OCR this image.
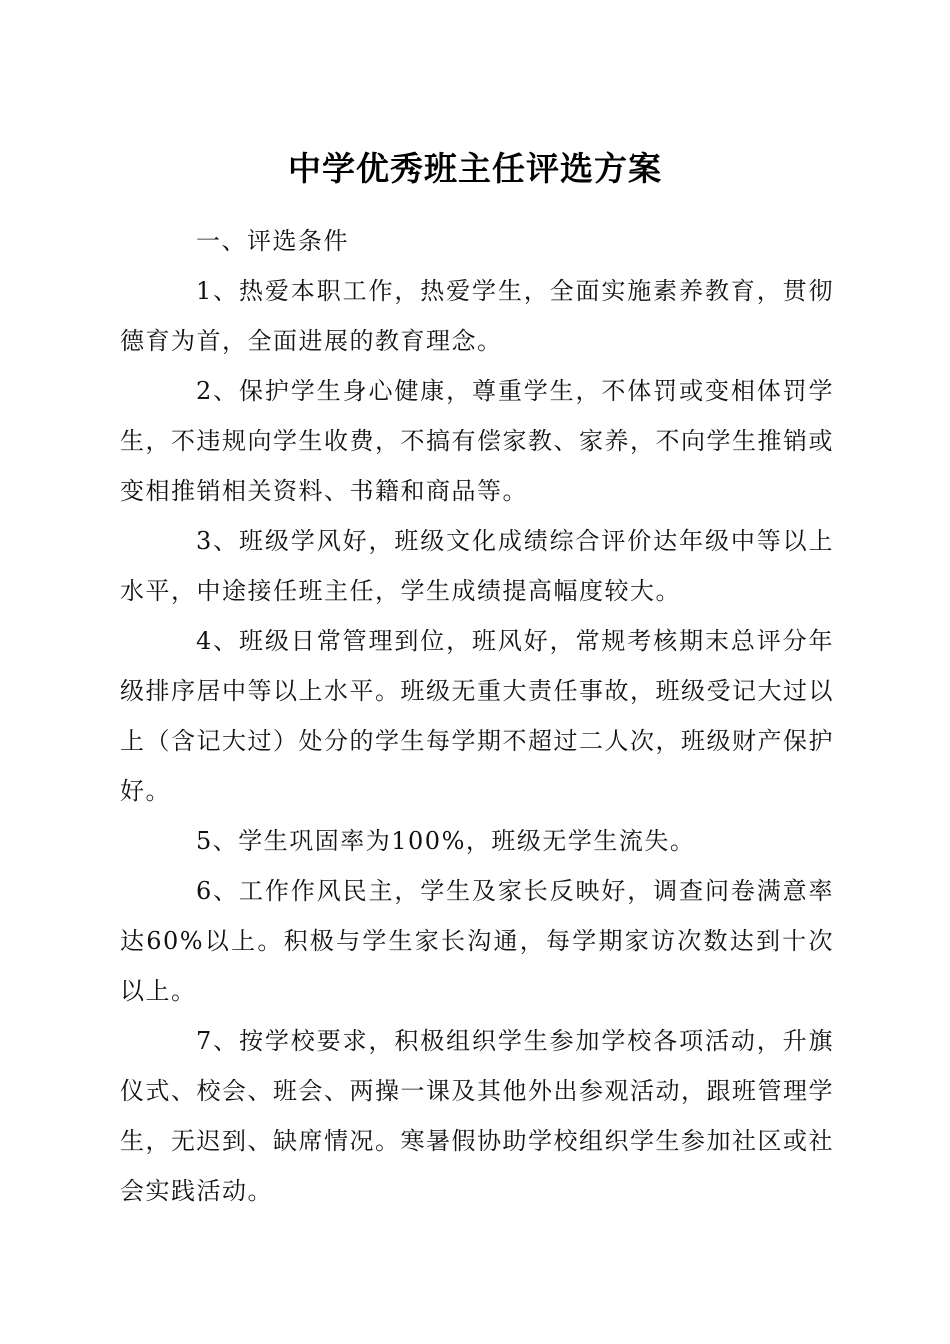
中学优秀班主任评选方案

一、评选条件

1、热爱本职工作，热爱学生，全面实施素养教育，贯彻德育为首，全面进展的教育理念。

2、保护学生身心健康，尊重学生，不体罚或变相体罚学生，不违规向学生收费，不搞有偿家教、家养，不向学生推销或变相推销相关资料、书籍和商品等。

3、班级学风好，班级文化成绩综合评价达年级中等以上水平，中途接任班主任，学生成绩提高幅度较大。

4、班级日常管理到位，班风好，常规考核期末总评分年级排序居中等以上水平。班级无重大责任事故，班级受记大过以上（含记大过）处分的学生每学期不超过二人次，班级财产保护好。

5、学生巩固率为100%，班级无学生流失。

6、工作作风民主，学生及家长反映好，调查问卷满意率达60%以上。积极与学生家长沟通，每学期家访次数达到十次以上。

7、按学校要求，积极组织学生参加学校各项活动，升旗仪式、校会、班会、两操一课及其他外出参观活动，跟班管理学生，无迟到、缺席情况。寒暑假协助学校组织学生参加社区或社会实践活动。
